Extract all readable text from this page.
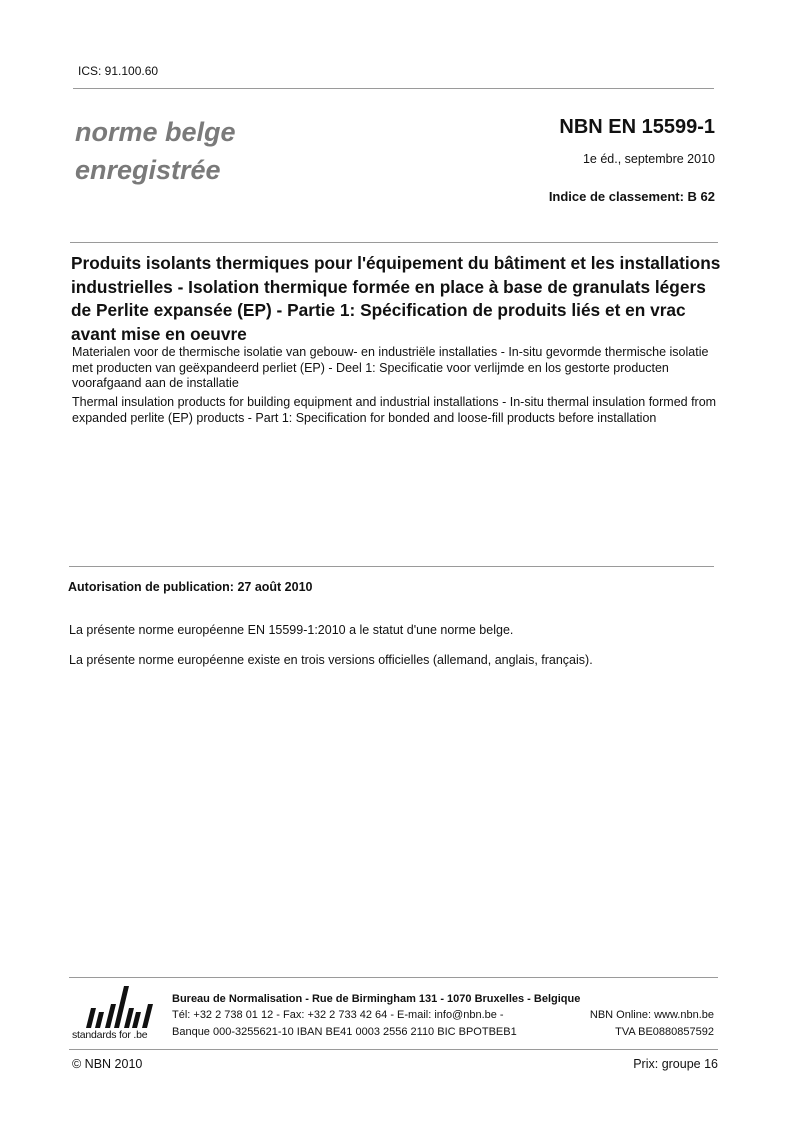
ICS: 91.100.60
norme belge
enregistrée
NBN EN 15599-1
1e éd., septembre 2010
Indice de classement: B 62
Produits isolants thermiques pour l'équipement du bâtiment et les installations industrielles - Isolation thermique formée en place à base de granulats légers de Perlite expansée (EP) - Partie 1: Spécification de produits liés et en vrac avant mise en oeuvre
Materialen voor de thermische isolatie van gebouw- en industriële installaties - In-situ gevormde thermische isolatie met producten van geëxpandeerd perliet (EP) - Deel 1: Specificatie voor verlijmde en los gestorte producten voorafgaand aan de installatie
Thermal insulation products for building equipment and industrial installations - In-situ thermal insulation formed from expanded perlite (EP) products - Part 1: Specification for bonded and loose-fill products before installation
Autorisation de publication: 27 août 2010
La présente norme européenne EN 15599-1:2010 a le statut d'une norme belge.
La présente norme européenne existe en trois versions officielles (allemand, anglais, français).
standards for .be
Bureau de Normalisation - Rue de Birmingham 131 - 1070 Bruxelles - Belgique
Tél: +32 2 738 01 12 - Fax: +32 2 733 42 64 - E-mail: info@nbn.be -	NBN Online: www.nbn.be
Banque 000-3255621-10 IBAN BE41 0003 2556 2110 BIC BPOTBEB1	TVA BE0880857592
© NBN 2010	Prix: groupe 16
